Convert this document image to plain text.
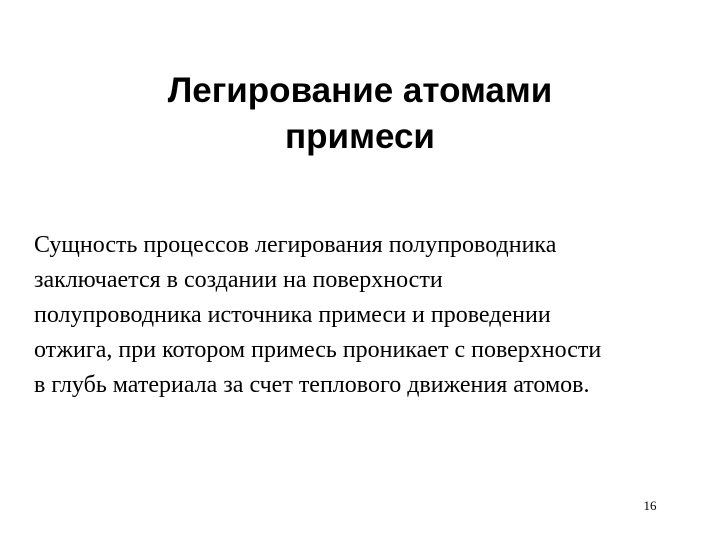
Легирование атомами
примеси

Сущность процессов легирования полупроводника
заключается в создании на поверхности
полупроводника источника примеси и проведении
отжига, при котором примесь проникает с поверхности
в глубь материала за счет теплового движения атомов.

16
